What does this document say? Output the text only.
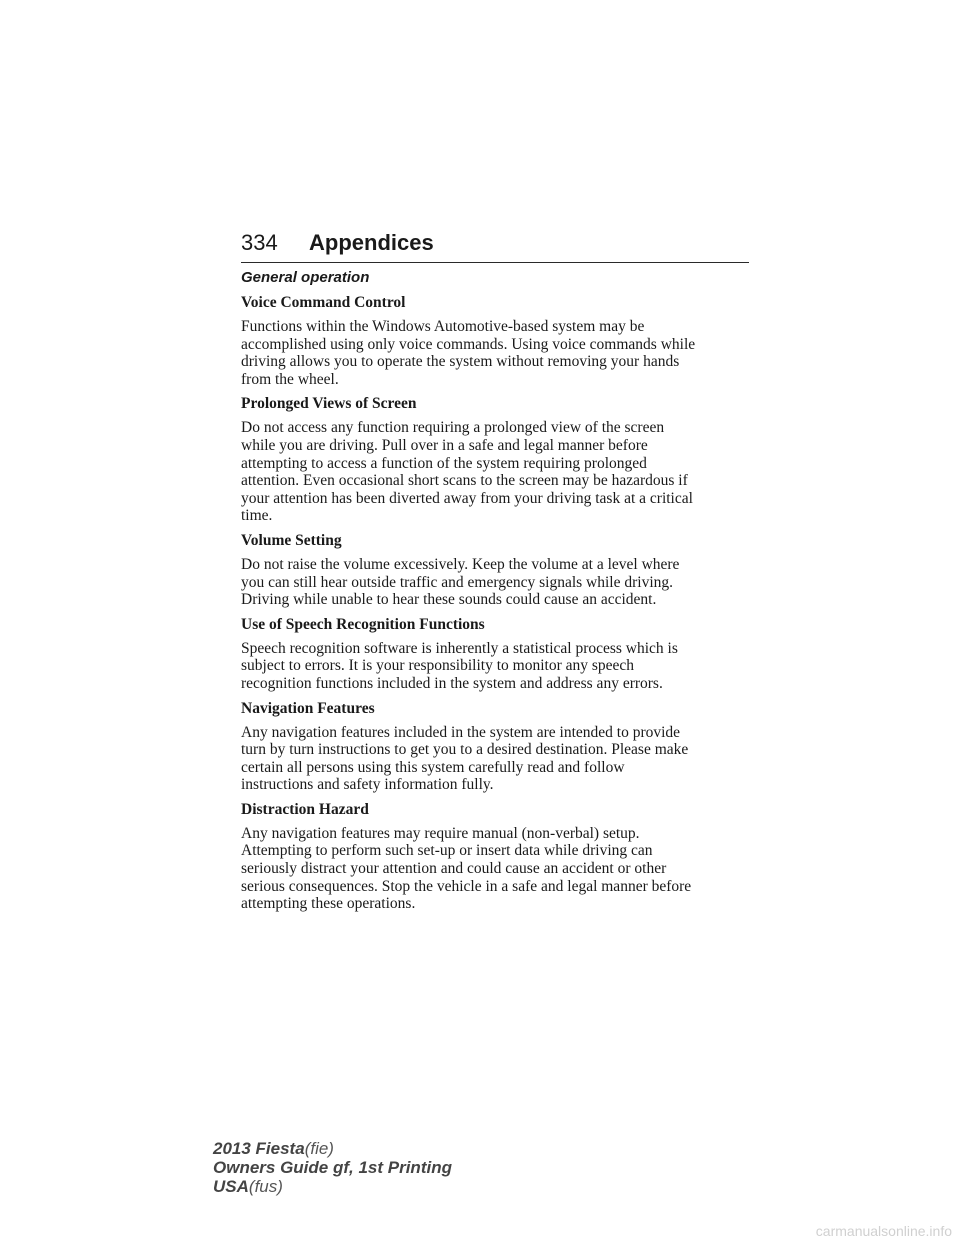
334 Appendices
General operation
Voice Command Control
Functions within the Windows Automotive-based system may be
accomplished using only voice commands. Using voice commands while
driving allows you to operate the system without removing your hands
from the wheel.
Prolonged Views of Screen
Do not access any function requiring a prolonged view of the screen
while you are driving. Pull over in a safe and legal manner before
attempting to access a function of the system requiring prolonged
attention. Even occasional short scans to the screen may be hazardous if
your attention has been diverted away from your driving task at a critical
time.
Volume Setting
Do not raise the volume excessively. Keep the volume at a level where
you can still hear outside traffic and emergency signals while driving.
Driving while unable to hear these sounds could cause an accident.
Use of Speech Recognition Functions
Speech recognition software is inherently a statistical process which is
subject to errors. It is your responsibility to monitor any speech
recognition functions included in the system and address any errors.
Navigation Features
Any navigation features included in the system are intended to provide
turn by turn instructions to get you to a desired destination. Please make
certain all persons using this system carefully read and follow
instructions and safety information fully.
Distraction Hazard
Any navigation features may require manual (non-verbal) setup.
Attempting to perform such set-up or insert data while driving can
seriously distract your attention and could cause an accident or other
serious consequences. Stop the vehicle in a safe and legal manner before
attempting these operations.
2013 Fiesta(fie)
Owners Guide gf, 1st Printing
USA(fus)
carmanualsonline.info
